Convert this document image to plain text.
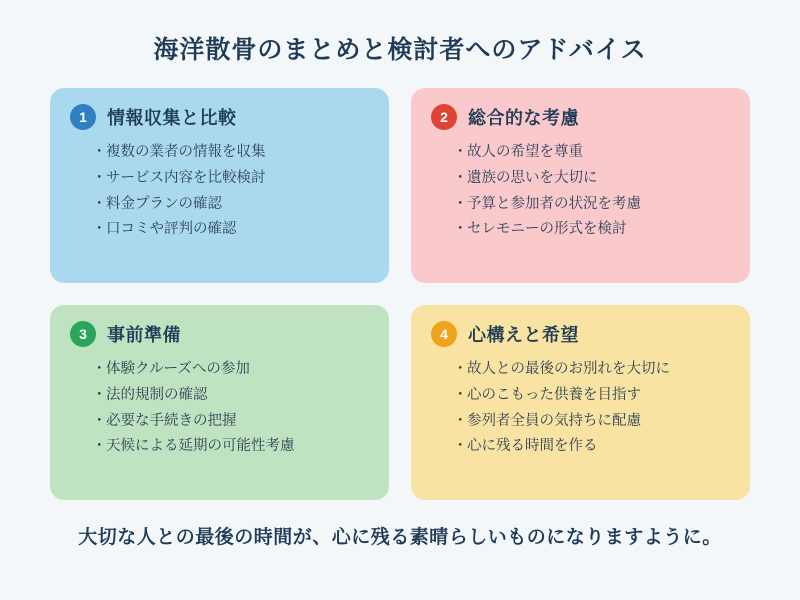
海洋散骨のまとめと検討者へのアドバイス
1	情報収集と比較
・ 複数の業者の情報を収集
・ サービス内容を比較検討
・ 料金プランの確認
・ 口コミや評判の確認
2	総合的な考慮
・ 故人の希望を尊重
・ 遺族の思いを大切に
・ 予算と参加者の状況を考慮
・ セレモニーの形式を検討
3	事前準備
・ 体験クルーズへの参加
・ 法的規制の確認
・ 必要な手続きの把握
・ 天候による延期の可能性考慮
4	心構えと希望
・ 故人との最後のお別れを大切に
・ 心のこもった供養を目指す
・ 参列者全員の気持ちに配慮
・ 心に残る時間を作る
大切な人との最後の時間が、心に残る素晴らしいものになりますように。
